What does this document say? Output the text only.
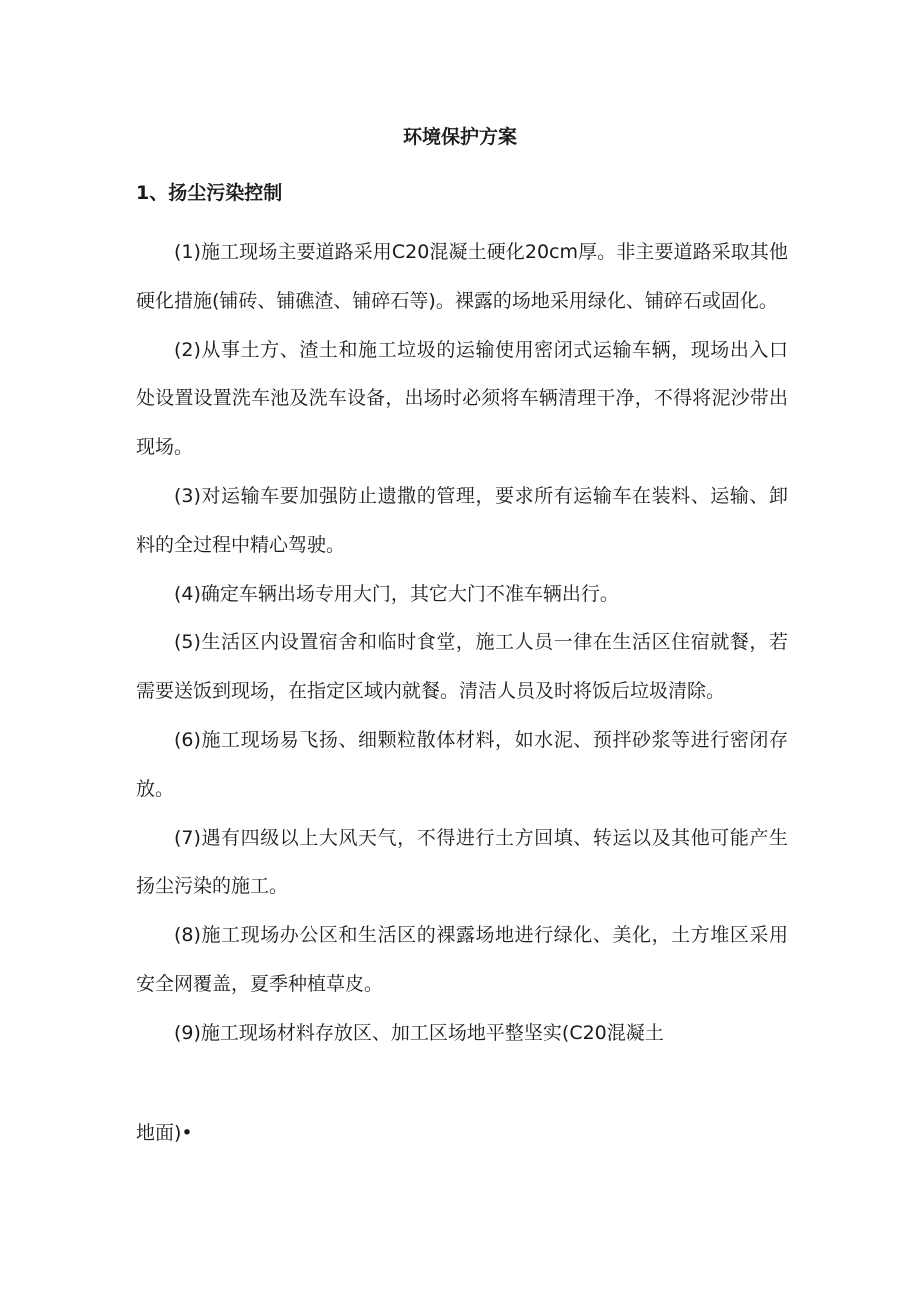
环境保护方案
1、扬尘污染控制

(1)施工现场主要道路采用C20混凝土硬化20cm厚。非主要道路采取其他硬化措施(铺砖、铺礁渣、铺碎石等)。裸露的场地采用绿化、铺碎石或固化。

(2)从事土方、渣土和施工垃圾的运输使用密闭式运输车辆，现场出入口处设置设置洗车池及洗车设备，出场时必须将车辆清理干净，不得将泥沙带出现场。

(3)对运输车要加强防止遗撒的管理，要求所有运输车在装料、运输、卸料的全过程中精心驾驶。

(4)确定车辆出场专用大门，其它大门不准车辆出行。

(5)生活区内设置宿舍和临时食堂，施工人员一律在生活区住宿就餐，若需要送饭到现场，在指定区域内就餐。清洁人员及时将饭后垃圾清除。

(6)施工现场易飞扬、细颗粒散体材料，如水泥、预拌砂浆等进行密闭存放。

(7)遇有四级以上大风天气，不得进行土方回填、转运以及其他可能产生扬尘污染的施工。

(8)施工现场办公区和生活区的裸露场地进行绿化、美化，土方堆区采用安全网覆盖，夏季种植草皮。

(9)施工现场材料存放区、加工区场地平整坚实(C20混凝土

地面)•
